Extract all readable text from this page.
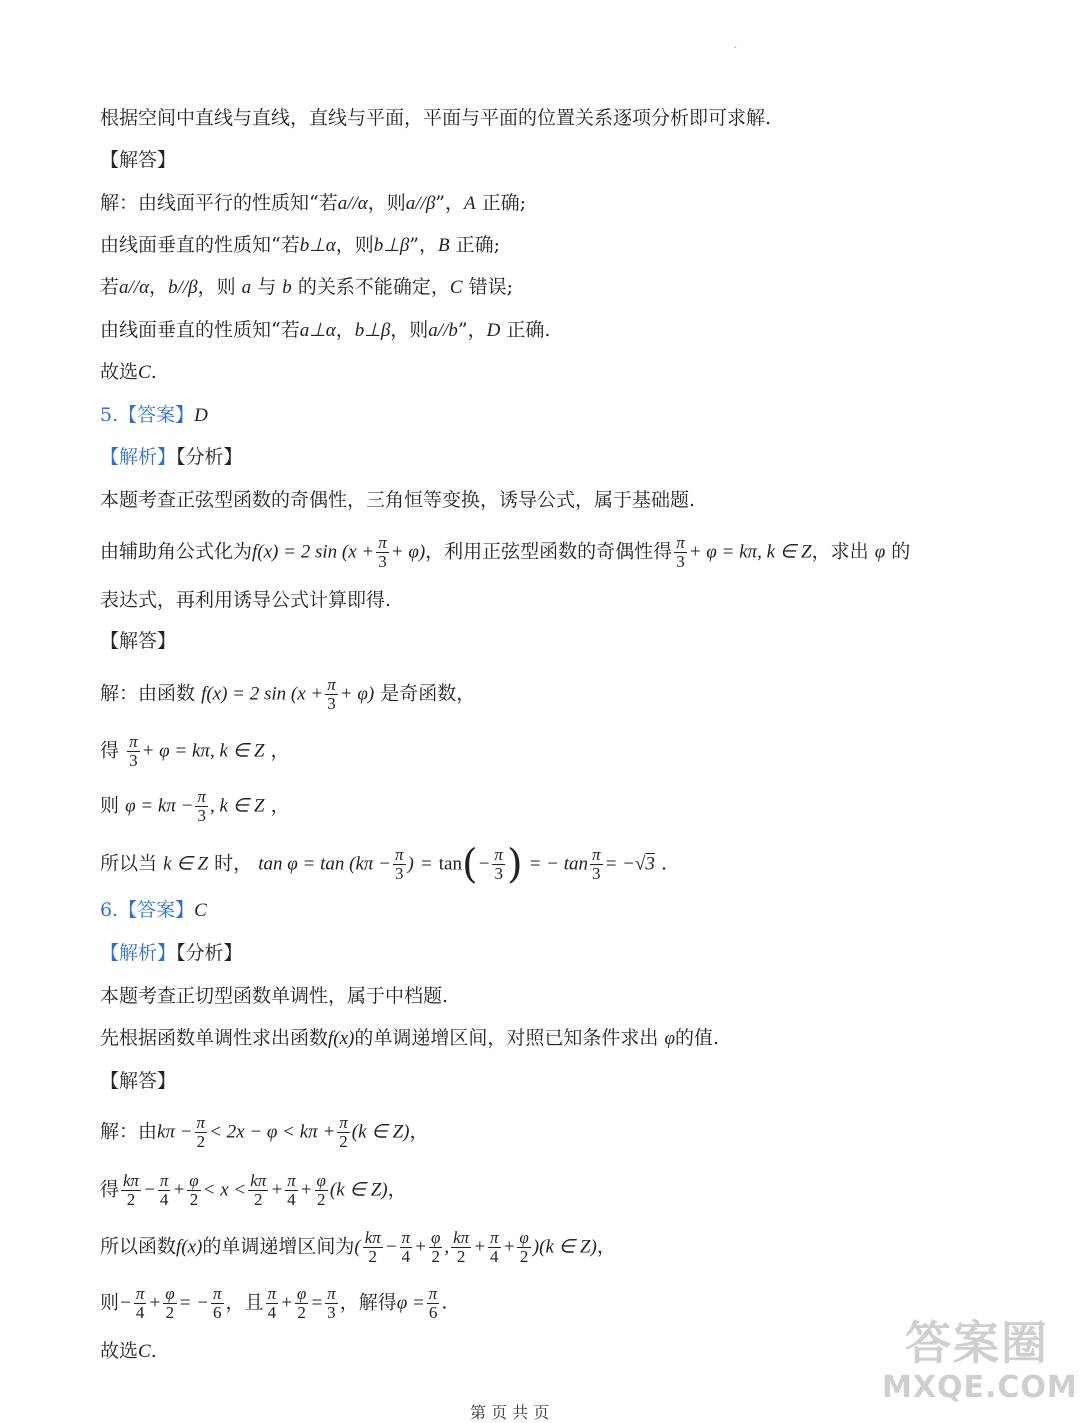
.
根据空间中直线与直线，直线与平面，平面与平面的位置关系逐项分析即可求解.
【解答】
解：由线面平行的性质知“若a//α，则a//β”，A 正确;
由线面垂直的性质知“若b⊥α，则b⊥β”，B 正确;
若a//α，b//β，则 a 与 b 的关系不能确定，C 错误;
由线面垂直的性质知“若a⊥α，b⊥β，则a//b”，D 正确.
故选C.
5.【答案】D
【解析】【分析】
本题考查正弦型函数的奇偶性，三角恒等变换，诱导公式，属于基础题.
由辅助角公式化为f(x) = 2 $\sin (x + \frac{\pi}{3} + \varphi)$，利用正弦型函数的奇偶性得 $\frac{\pi}{3} + \varphi = k\pi$, k ∈ Z，求出 φ 的
表达式，再利用诱导公式计算即得.
【解答】
解：由函数 f(x) = 2 $\sin (x + \frac{\pi}{3} + \varphi)$ 是奇函数，
得 $\frac{\pi}{3} + \varphi = k\pi$, k ∈ Z ，
则 $\varphi = k\pi - \frac{\pi}{3}$ , k ∈ Z ，
所以当 k ∈ Z 时， $\tan \varphi = \tan (k\pi - \frac{\pi}{3}$ ) = $\tan(- \frac{\pi}{3}$ ) = − $\tan \frac{\pi}{3} = -√3$ .
6.【答案】C
【解析】【分析】
本题考查正切型函数单调性，属于中档题.
先根据函数单调性求出函数f(x)的单调递增区间，对照已知条件求出 φ的值.
【解答】
解：由$k\pi - \frac{\pi}{2} < 2x - \varphi < k\pi + \frac{\pi}{2} (k$ ∈ Z)，
得 $\frac{k\pi}{2} - \frac{\pi}{4} + \frac{\varphi}{2} < x < \frac{k\pi}{2} + \frac{\pi}{4} + \frac{\varphi}{2} (k$ ∈ Z)，
所以函数f(x)的单调递增区间为( $\frac{k\pi}{2} - \frac{\pi}{4} + \frac{\varphi}{2}$ , $\frac{k\pi}{2} + \frac{\pi}{4} + \frac{\varphi}{2} )(k$ ∈ Z)，
则− $\frac{\pi}{4} + \frac{\varphi}{2}$ = − $\frac{\pi}{6}$ ，且 $\frac{\pi}{4} + \frac{\varphi}{2} = \frac{\pi}{3}$ ，解得$\varphi = \frac{\pi}{6}$ .
故选C.	答案圈
MXQE.COM
第 页 共 页
